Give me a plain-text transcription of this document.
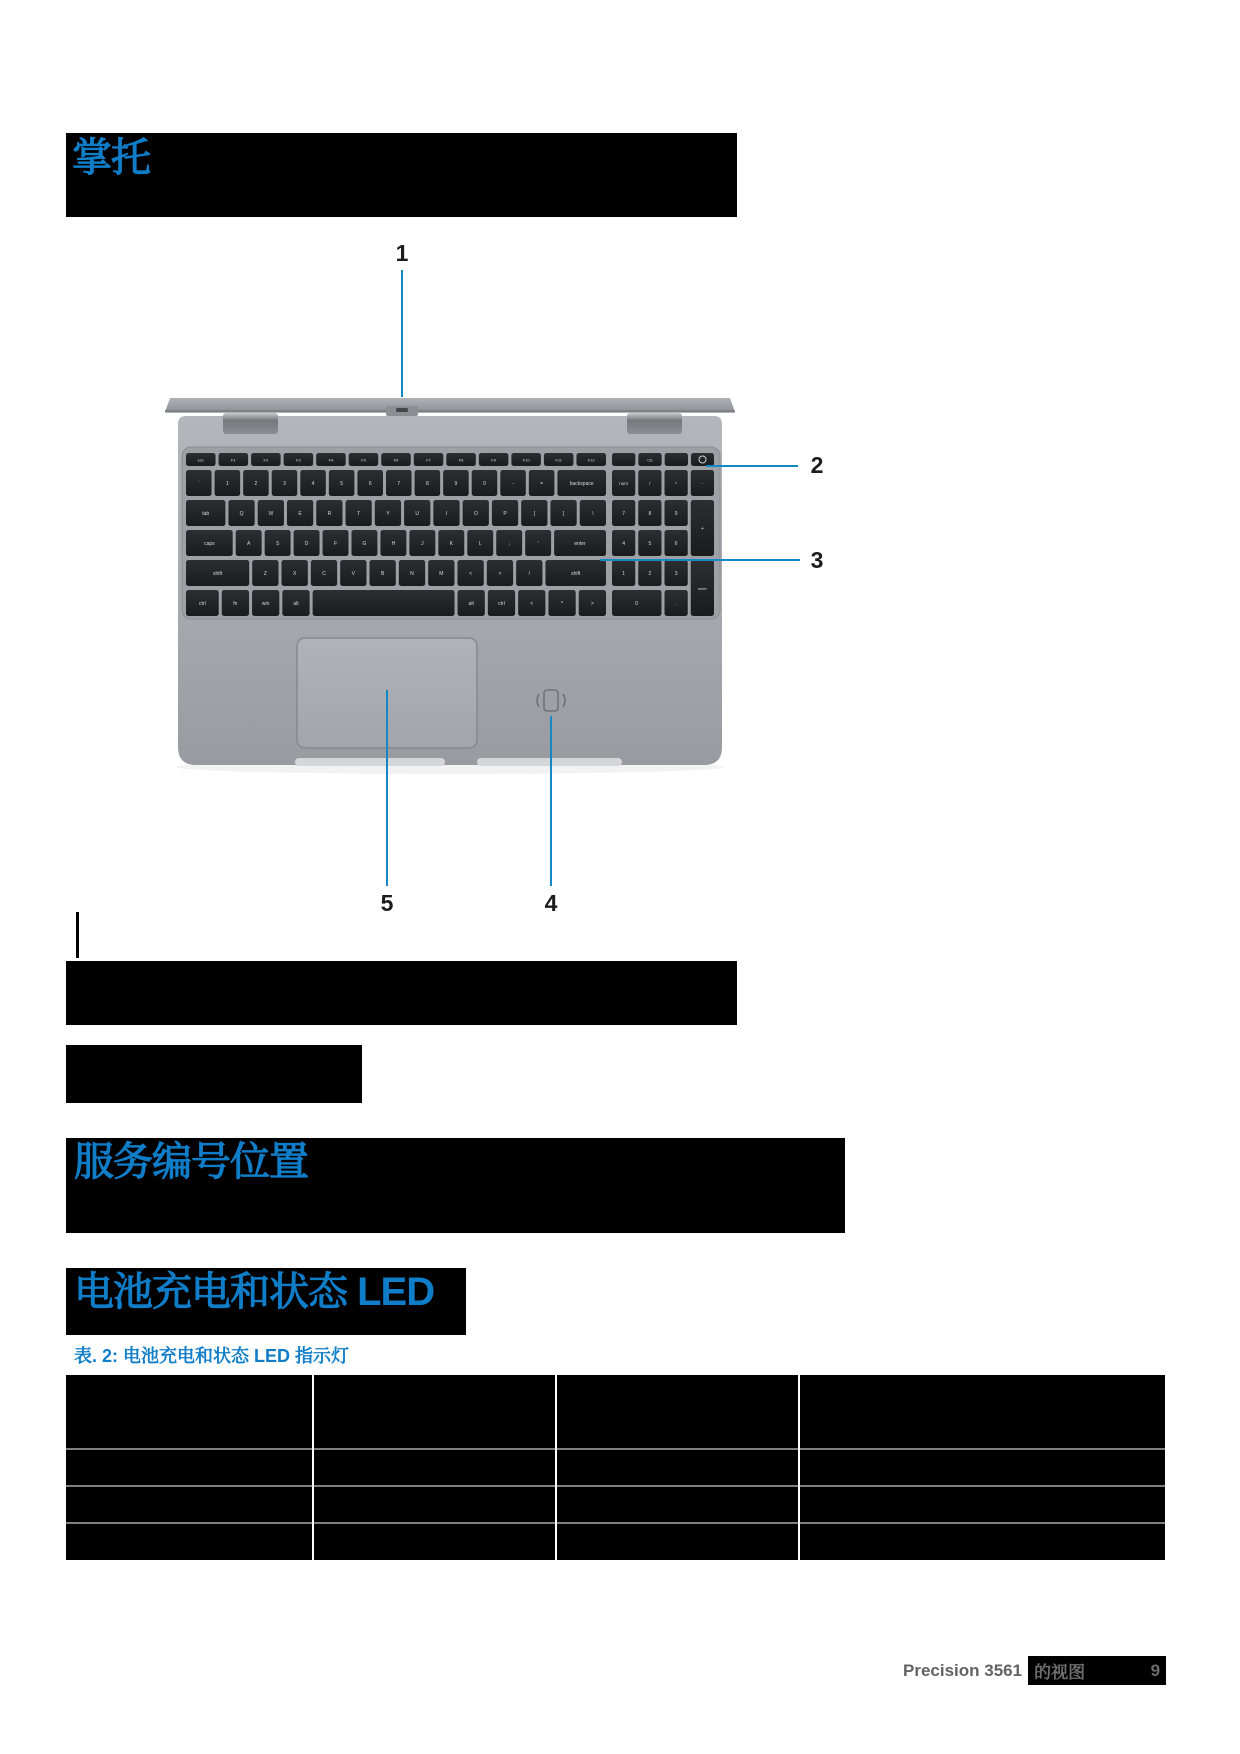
掌托
esc	F1	F2	F3	F4	F5	F6	F7	F8	F9	F10	F11	F12	CE
`	1	2	3	4	5	6	7	8	9	0	-	=	backspace
tab	Q	W	E	R	T	Y	U	I	O	P	[	]	\
caps	A	S	D	F	G	H	J	K	L	;	'	enter
shift	Z	X	C	V	B	N	M	<	>	/	shift
ctrl	fn	win	alt	alt	ctrl	<	^	>
num	/	*	-
7	8	9
4	5	6
1	2	3
+
enter
0	.
1
2
3
4
5
服务编号位置
电池充电和状态 LED
表. 2: 电池充电和状态 LED 指示灯
Precision 3561 的视图	9
